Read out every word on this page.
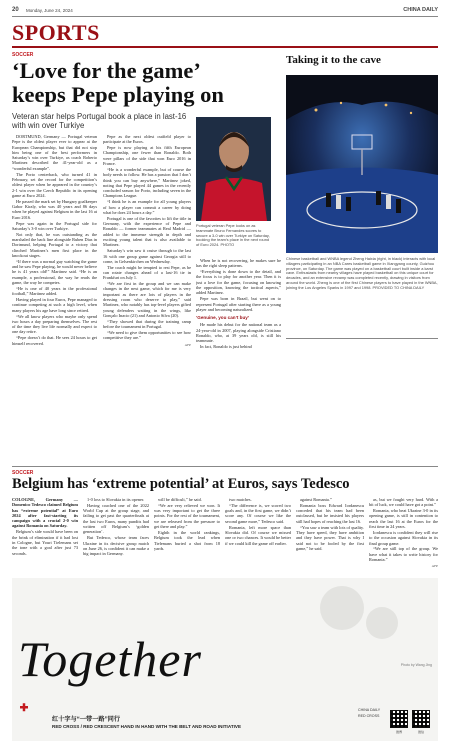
20 Monday, June 24, 2024	CHINA DAILY
SPORTS
SOCCER
‘Love for the game’
keeps Pepe playing on
Veteran star helps Portugal book a place in last-16 with win over Turkiye

DORTMUND, Germany — Portugal veteran Pepe is the oldest player ever to appear at the European Championship, but that did not stop him being one of the best performers in Saturday’s win over Turkiye, as coach Roberto Martinez described the 41-year-old as a “wonderful example”.

The Porto centerback, who turned 41 in February, set the record for the competition’s oldest player when he appeared in the country’s 2-1 win over the Czech Republic in its opening game at Euro 2024.

He passed the mark set by Hungary goalkeeper Gabor Kiraly, who was 40 years and 86 days when he played against Belgium in the last 16 at Euro 2016.

Pepe was again in the Portugal side for Saturday’s 3-0 win over Turkiye.

Not only that, he was outstanding as the marshaled the back line alongside Ruben Dias in Dortmund, helping Portugal to a victory that clinched Martinez’s men first place in the knockout stages.

“If there was a normal guy watching the game and he saw Pepe playing, he would never believe he is 41 years old!” Martinez said. “He is an example, a professional, the way he reads the game, the way he competes.

“He is one of 40 years in the professional football,” Martinez added.

Having played in four Euros, Pepe managed to continue competing at such a high level, when many players his age have long since retired.

“We all know players who maybe only spend two hours a day preparing themselves. The rest of the time they live life normally and expect to one day retire.

“Pepe doesn’t do that. He sees 24 hours to get himself recovered.

Pepe as the next oldest outfield player to participate at the Euros.

Pepe is now playing at his fifth European Championship, one fewer than Ronaldo. Both were pillars of the side that won Euro 2016 in France.

“He is a wonderful example, but of course the body needs to follow. He has a passion that I don’t think you can buy anywhere,” Martinez joked, noting that Pepe played 44 games in the recently concluded season for Porto, including seven in the Champions League.

“I think he is an example for all young players of how a player can commit a career by doing what he does 24 hours a day.”

Portugal is one of the favorites to lift the title in Germany, with the experience of Pepe and Ronaldo — former teammates at Real Madrid — added to the immense strength in depth and exciting young talent that is also available to Martinez.

Saturday’s win saw it cruise through to the last 16 with one group game against Georgia still to come, in Gelsenkirchen on Wednesday.

The coach might be tempted to rest Pepe, as he can rotate changes ahead of a last-16 tie in Frankfurt on July 1.

“We are first in the group and we can make changes in the next game, which for me is very important as there are lots of players in the dressing room who deserve to play,” said Martinez, who notably has top-level players gifted young defenders waiting in the wings, like Gonçalo Inacio (21) and Antonio Silva (20).

“They showed that during the training camp before the tournament in Portugal.

“We need to give them opportunities to see how competitive they are.”

AFP

Portugal veteran Pepe looks on as teammate Bruno Fernandes scores to secure a 3-0 win over Turkiye on Saturday, booking the team’s place in the next round of Euro 2024. PHOTO

When he is not recovering, he makes sure he has the right sleep patterns.

“Everything is done down to the detail, and the focus is to play for another year. Then it is just a love for the game, focusing on knowing the opposition, knowing the tactical aspects,” added Martinez.

Pepe was born in Brazil, but went on to represent Portugal after starting there as a young player and becoming naturalized.

‘Genuine, you can’t buy’

He made his debut for the national team as a 24-year-old in 2007, playing alongside Cristiano Ronaldo, who, at 39 years old, is still his teammate.

In fact, Ronaldo is just behind

Taking it to the cave
Chinese basketball and WNBA legend Zheng Haixia (right, in black) interacts with local villagers participating in an NBA Cares basketball game in Xiangyang county, Guizhou province, on Saturday. The game was played on a basketball court built inside a karst cave. Enthusiasts from nearby villages have played basketball on this unique court for decades, and an extensive revamp was completed recently, drawing in visitors from around the world. Zheng is one of the first Chinese players to have played in the WNBA, joining the Los Angeles Sparks in 1997 and 1998. PROVIDED TO CHINA DAILY
SOCCER
Belgium has ‘extreme potential’ at Euros, says Tedesco

COLOGNE, Germany — Domenico Tedesco claimed Belgium has “extreme potential” at Euro 2024 after fast-starting its campaign with a crucial 2-0 win against Romania on Saturday.

Belgium’s side would have been on the brink of elimination if it had lost in Cologne, but Youri Tielemans set the tone with a goal after just 73 seconds.

1-0 loss to Slovakia in its opener.

Having coached one of the 2022 World Cup at the group stage, and failing to get past the quarterfinals at the last two Euros, many pundits had written off Belgium’s ‘golden generation’.

But Tedesco, whose team faces Ukraine in its decisive group match on June 26, is confident it can make a big impact in Germany.

will be difficult,” he said.

“We are very relieved we won. It was very important to get the three points. For the rest of the tournament, we are released from the pressure to get there and play.”

Eighth in the world rankings, Belgium took the lead when Tielemans buried a shot from 18 yards.

two matches.

“The difference is, we scored two goals and, in the first game, we didn’t score any. Of course we like the second game more,” Tedesco said.

Romania, left more space than Slovakia did. Of course we missed one or two chances. It would be better if we could kill the game off earlier.

against Romania.”

Romania boss Edward Iordanescu conceded that his team had been outclassed, but he insisted his players still had hopes of reaching the last 16.

“You saw a team with lots of quality. They have speed, they have ambition and they have power. That is why I said not to be fooled by the first game,” he said.

as, but we fought very hard. With a bit of luck, we could have got a point.”

Romania, who beat Ukraine 3-0 in its opening game, is still in contention to reach the last 16 at the Euros for the first time in 24 years.

Iordanescu is confident they will rise to the occasion against Slovakia in its final group game.

“We are still top of the group. We have what it takes to write history for Romania.”

AFP

Together	Photo by Wang Jing
红十字与“一带一路”同行
RED CROSS / RED CRESCENT HAND IN HAND WITH THE BELT AND ROAD INITIATIVE
CHINA DAILY
RED CROSS
微博	微信
